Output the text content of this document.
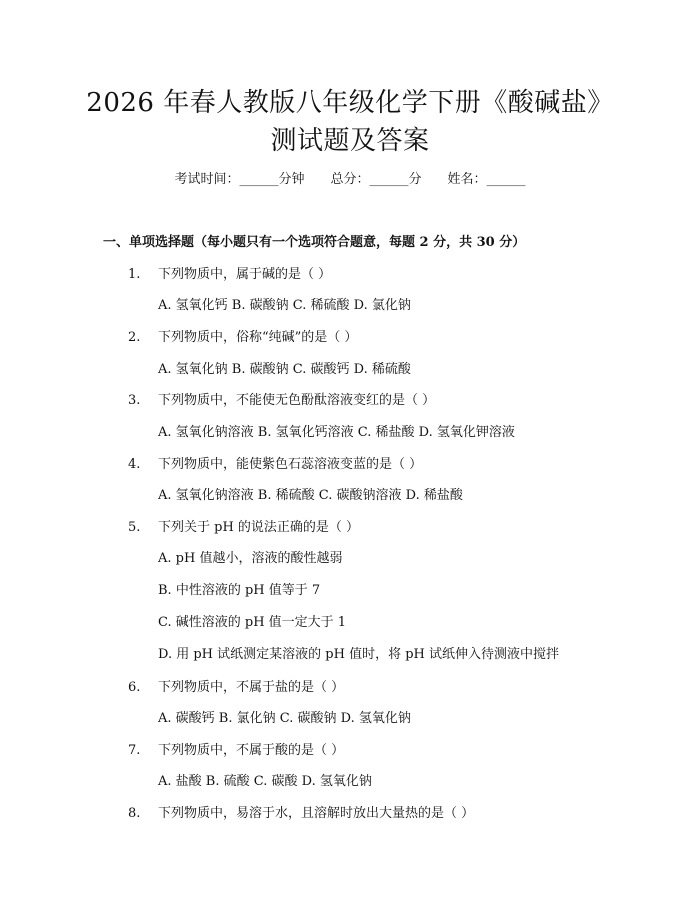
2026 年春人教版八年级化学下册《酸碱盐》
测试题及答案
考试时间：______分钟 总分：______分 姓名：______
一、单项选择题（每小题只有一个选项符合题意，每题 2 分，共 30 分）
1. 下列物质中，属于碱的是（ ）
A. 氢氧化钙 B. 碳酸钠 C. 稀硫酸 D. 氯化钠
2. 下列物质中，俗称“纯碱”的是（ ）
A. 氢氧化钠 B. 碳酸钠 C. 碳酸钙 D. 稀硫酸
3. 下列物质中，不能使无色酚酞溶液变红的是（ ）
A. 氢氧化钠溶液 B. 氢氧化钙溶液 C. 稀盐酸 D. 氢氧化钾溶液
4. 下列物质中，能使紫色石蕊溶液变蓝的是（ ）
A. 氢氧化钠溶液 B. 稀硫酸 C. 碳酸钠溶液 D. 稀盐酸
5. 下列关于 pH 的说法正确的是（ ）
A. pH 值越小，溶液的酸性越弱
B. 中性溶液的 pH 值等于 7
C. 碱性溶液的 pH 值一定大于 1
D. 用 pH 试纸测定某溶液的 pH 值时，将 pH 试纸伸入待测液中搅拌
6. 下列物质中，不属于盐的是（ ）
A. 碳酸钙 B. 氯化钠 C. 碳酸钠 D. 氢氧化钠
7. 下列物质中，不属于酸的是（ ）
A. 盐酸 B. 硫酸 C. 碳酸 D. 氢氧化钠
8. 下列物质中，易溶于水，且溶解时放出大量热的是（ ）
